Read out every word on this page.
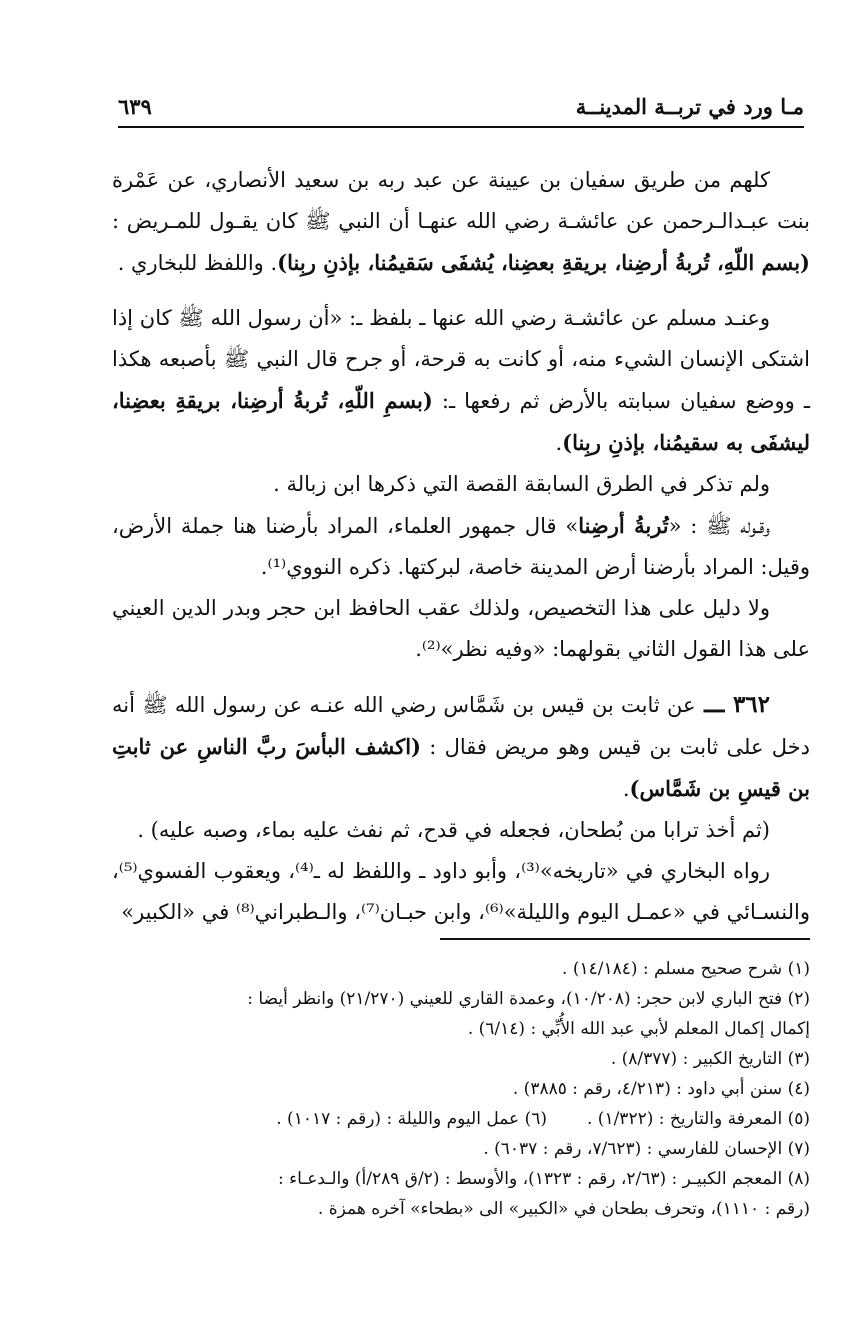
مـا ورد في تربــة المدينــة
٦٣٩

كلهم من طريق سفيان بن عيينة عن عبد ربه بن سعيد الأنصاري، عن عَمْرة بنت عبـدالـرحمن عن عائشـة رضي الله عنهـا أن النبي ﷺ كان يقـول للمـريض : (بسم اللّهِ، تُربةُ أرضِنا، بريقةِ بعضِنا، يُشفَى سَقيمُنا، بإذنِ ربِنا). واللفظ للبخاري .

وعنـد مسلم عن عائشـة رضي الله عنها ـ بلفظ ـ: «أن رسول الله ﷺ كان إذا اشتكى الإنسان الشيء منه، أو كانت به قرحة، أو جرح قال النبي ﷺ بأصبعه هكذا ـ ووضع سفيان سبابته بالأرض ثم رفعها ـ: (بسمِ اللّهِ، تُربةُ أرضِنا، بريقةِ بعضِنا، ليشفَى به سقيمُنا، بإذنِ ربِنا).

ولم تذكر في الطرق السابقة القصة التي ذكرها ابن زبالة .

وقـوله ﷺ : «تُربةُ أرضِنا» قال جمهور العلماء، المراد بأرضنا هنا جملة الأرض، وقيل: المراد بأرضنا أرض المدينة خاصة، لبركتها. ذكره النووي⁽¹⁾.

ولا دليل على هذا التخصيص، ولذلك عقب الحافظ ابن حجر وبدر الدين العيني على هذا القول الثاني بقولهما: «وفيه نظر»⁽²⁾.

٣٦٢ ـــ عن ثابت بن قيس بن شَمَّاس رضي الله عنـه عن رسول الله ﷺ أنه دخل على ثابت بن قيس وهو مريض فقال : (اكشف البأسَ ربَّ الناسِ عن ثابتِ بن قيسِ بن شَمَّاس).

(ثم أخذ ترابا من بُطحان، فجعله في قدح، ثم نفث عليه بماء، وصبه عليه) .

رواه البخاري في «تاريخه»⁽³⁾، وأبو داود ـ واللفظ له ـ⁽⁴⁾، ويعقوب الفسوي⁽⁵⁾، والنسـائي في «عمـل اليوم والليلة»⁽⁶⁾، وابن حبـان⁽⁷⁾، والـطبراني⁽⁸⁾ في «الكبير»

(١) شرح صحيح مسلم : (١٤/١٨٤) .

(٢) فتح الباري لابن حجر: (١٠/٢٠٨)، وعمدة القاري للعيني (٢١/٢٧٠) وانظر أيضا :

إكمال إكمال المعلم لأبي عبد الله الأُبِّي : (٦/١٤) .

(٣) التاريخ الكبير : (٨/٣٧٧) .

(٤) سنن أبي داود : (٤/٢١٣، رقم : ٣٨٨٥) .

(٥) المعرفة والتاريخ : (١/٣٢٢) .
(٦) عمل اليوم والليلة : (رقم : ١٠١٧) .

(٧) الإحسان للفارسي : (٧/٦٢٣، رقم : ٦٠٣٧) .

(٨) المعجم الكبيـر : (٢/٦٣، رقم : ١٣٢٣)، والأوسط : (٢/ق ٢٨٩/أ) والـدعـاء :

(رقم : ١١١٠)، وتحرف بطحان في «الكبير» الى «بطحاء» آخره همزة .
